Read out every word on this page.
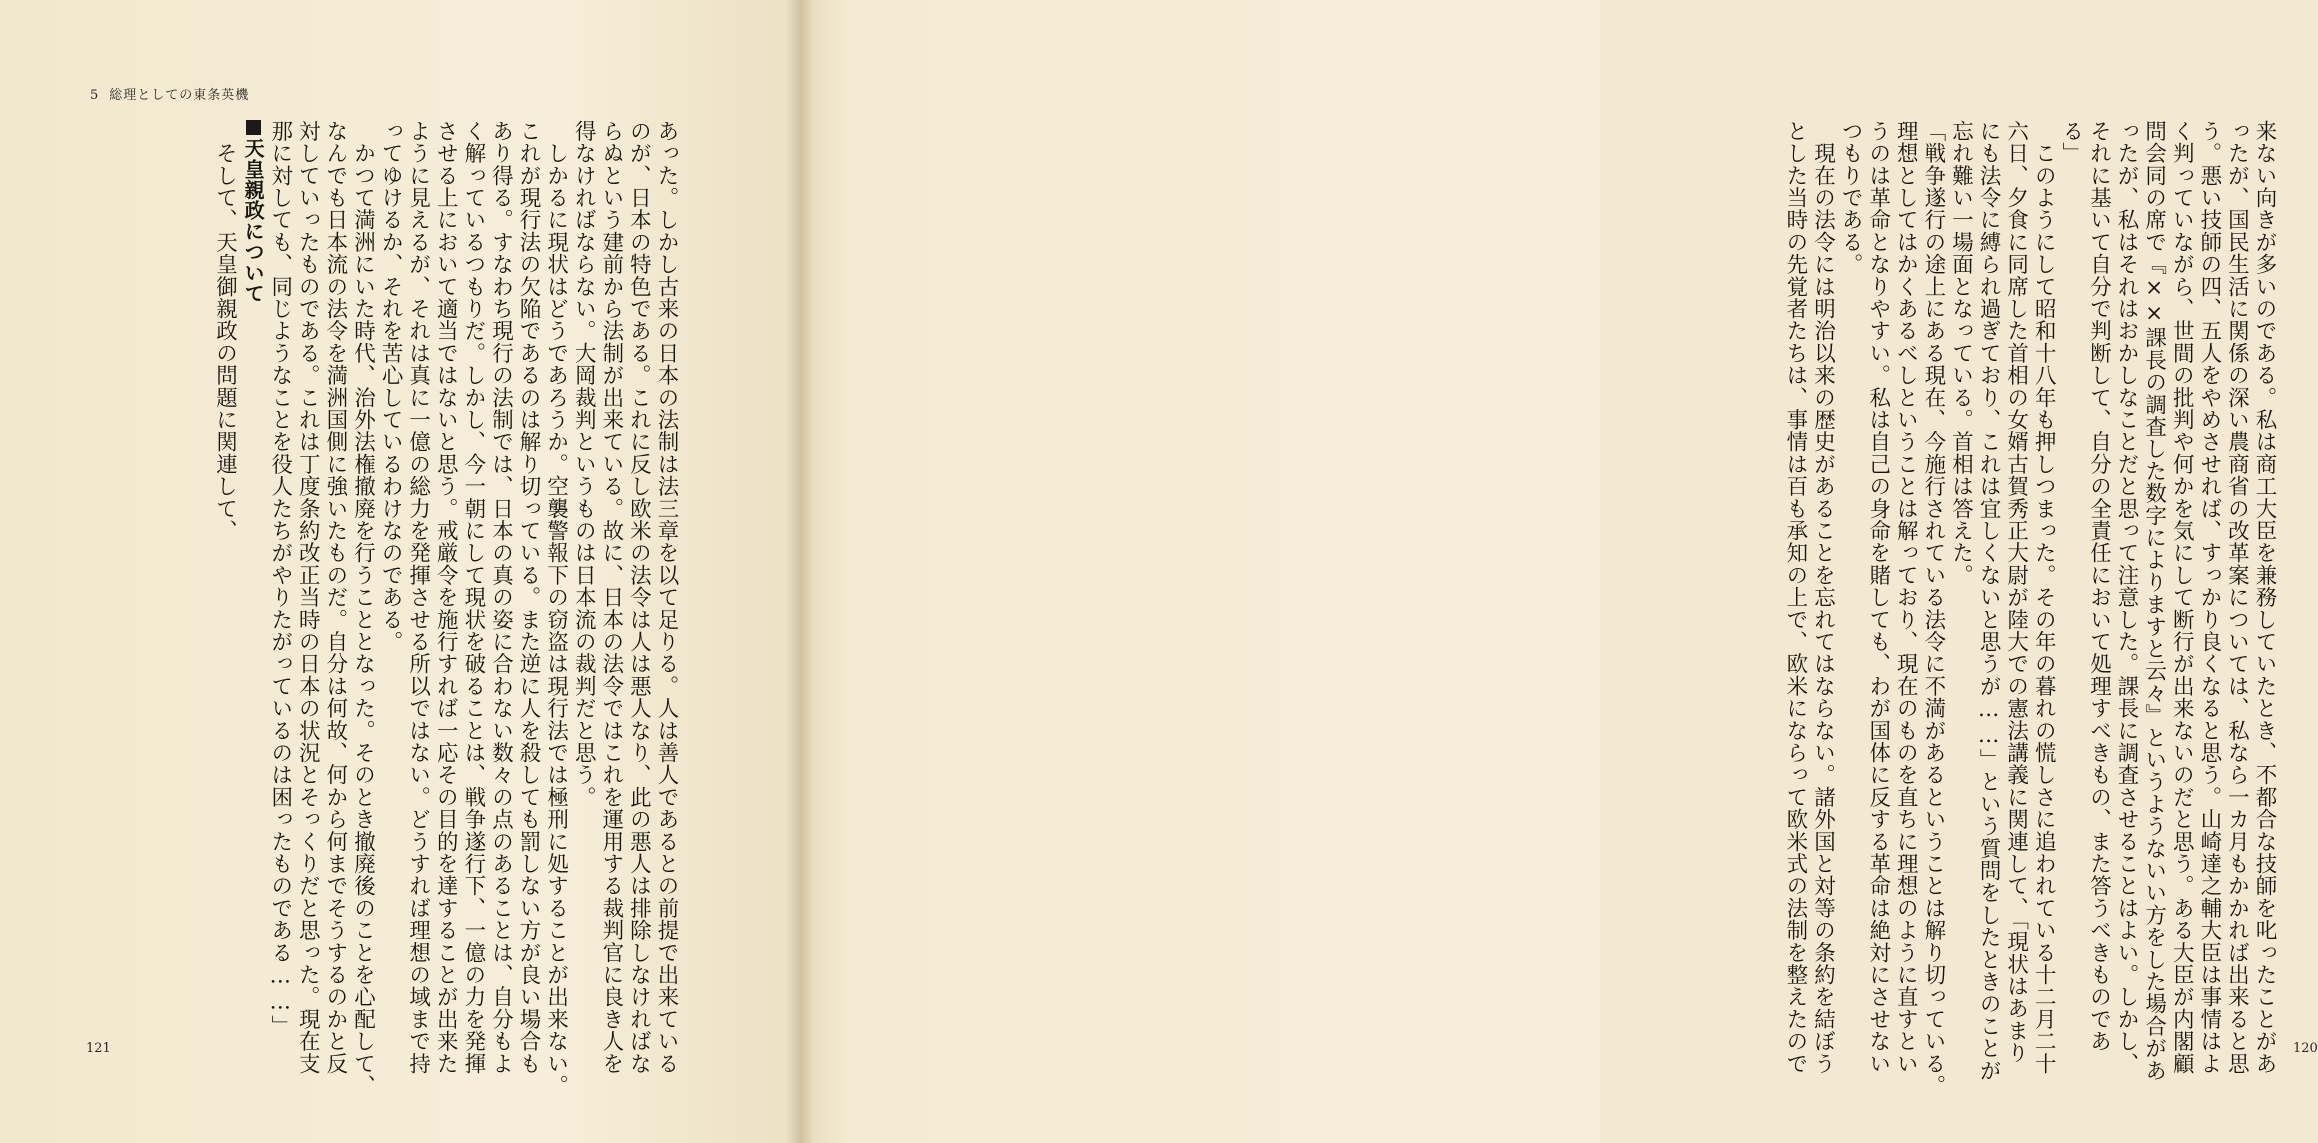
5 総理としての東条英機
あった。しかし古来の日本の法制は法三章を以て足りる。人は善人であるとの前提で出来ている
のが、日本の特色である。これに反し欧米の法令は人は悪人なり、此の悪人は排除しなければな
らぬという建前から法制が出来ている。故に、日本の法令ではこれを運用する裁判官に良き人を
得なければならない。大岡裁判というものは日本流の裁判だと思う。
　しかるに現状はどうであろうか。空襲警報下の窃盗は現行法では極刑に処することが出来ない。
これが現行法の欠陥であるのは解り切っている。また逆に人を殺しても罰しない方が良い場合も
あり得る。すなわち現行の法制では、日本の真の姿に合わない数々の点のあることは、自分もよ
く解っているつもりだ。しかし、今一朝にして現状を破ることは、戦争遂行下、一億の力を発揮
させる上において適当ではないと思う。戒厳令を施行すれば一応その目的を達することが出来た
ように見えるが、それは真に一億の総力を発揮させる所以ではない。どうすれば理想の域まで持
ってゆけるか、それを苦心しているわけなのである。
　かつて満洲にいた時代、治外法権撤廃を行うこととなった。そのとき撤廃後のことを心配して、
なんでも日本流の法令を満洲国側に強いたものだ。自分は何故、何から何までそうするのかと反
対していったものである。これは丁度条約改正当時の日本の状況とそっくりだと思った。現在支
那に対しても、同じようなことを役人たちがやりたがっているのは困ったものである……」
天皇親政について
　そして、天皇御親政の問題に関連して、
121	来ない向きが多いのである。私は商工大臣を兼務していたとき、不都合な技師を叱ったことがあ
ったが、国民生活に関係の深い農商省の改革案については、私なら一カ月もかかれば出来ると思
う。悪い技師の四、五人をやめさせれば、すっかり良くなると思う。山崎達之輔大臣は事情はよ
く判っていながら、世間の批判や何かを気にして断行が出来ないのだと思う。ある大臣が内閣顧
問会同の席で『××課長の調査した数字によりますと云々』というようないい方をした場合があ
ったが、私はそれはおかしなことだと思って注意した。課長に調査させることはよい。しかし、
それに基いて自分で判断して、自分の全責任において処理すべきもの、また答うべきものであ
る」
　このようにして昭和十八年も押しつまった。その年の暮れの慌しさに追われている十二月二十
六日、夕食に同席した首相の女婿古賀秀正大尉が陸大での憲法講義に関連して、「現状はあまり
にも法令に縛られ過ぎており、これは宜しくないと思うが……」という質問をしたときのことが
忘れ難い一場面となっている。首相は答えた。
「戦争遂行の途上にある現在、今施行されている法令に不満があるということは解り切っている。
理想としてはかくあるべしということは解っており、現在のものを直ちに理想のように直すとい
うのは革命となりやすい。私は自己の身命を賭しても、わが国体に反する革命は絶対にさせない
つもりである。
　現在の法令には明治以来の歴史があることを忘れてはならない。諸外国と対等の条約を結ぼう
とした当時の先覚者たちは、事情は百も承知の上で、欧米にならって欧米式の法制を整えたので	120
